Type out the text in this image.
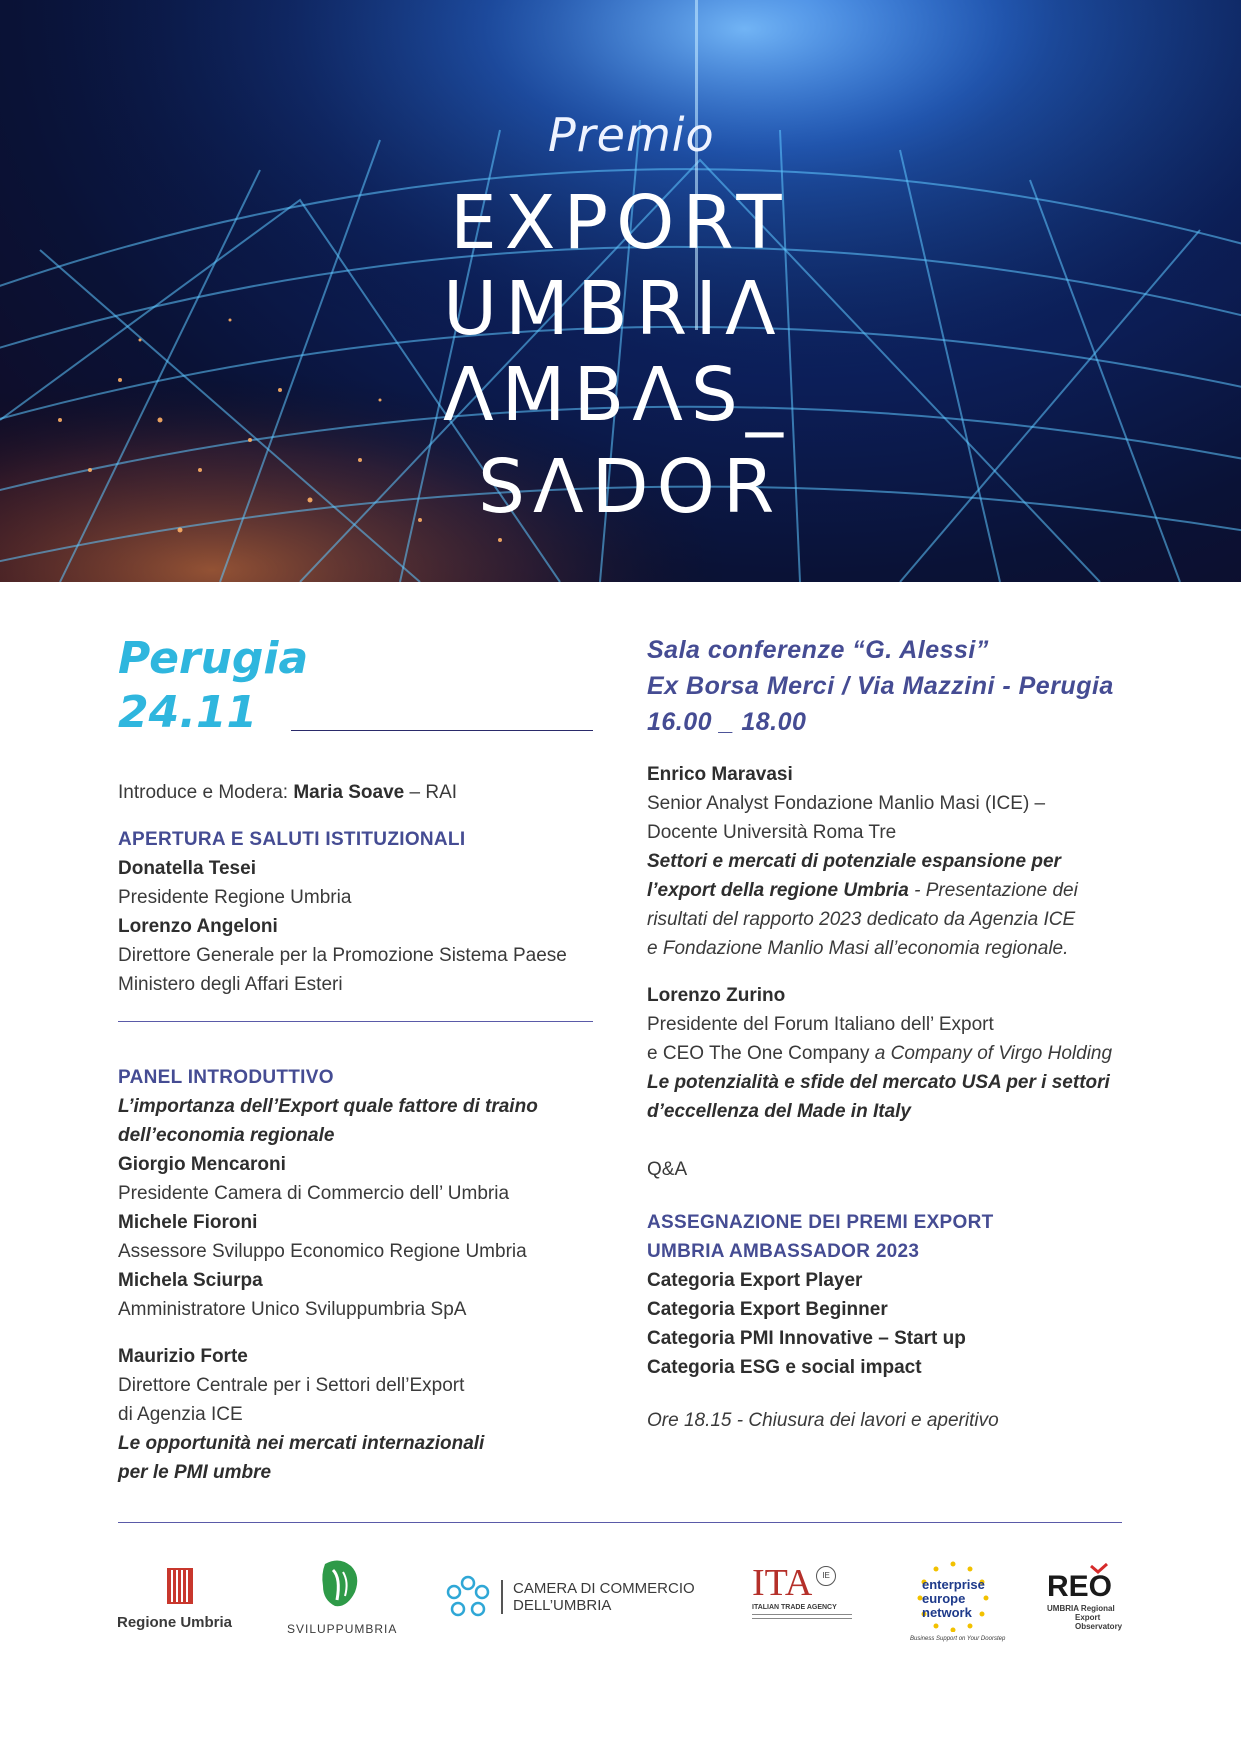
Premio
EXPORT
UMBRIΛ
ΛMBΛS_
SΛDOR
Perugia
24.11

Introduce e Modera: Maria Soave – RAI

APERTURA E SALUTI ISTITUZIONALI

Donatella Tesei

Presidente Regione Umbria

Lorenzo Angeloni

Direttore Generale per la Promozione Sistema Paese

Ministero degli Affari Esteri

PANEL INTRODUTTIVO

L’importanza dell’Export quale fattore di traino

dell’economia regionale

Giorgio Mencaroni

Presidente Camera di Commercio dell’ Umbria

Michele Fioroni

Assessore Sviluppo Economico Regione Umbria

Michela Sciurpa

Amministratore Unico Sviluppumbria SpA

Maurizio Forte

Direttore Centrale per i Settori dell’Export

di Agenzia ICE

Le opportunità nei mercati internazionali

per le PMI umbre

Sala conferenze “G. Alessi”
Ex Borsa Merci / Via Mazzini - Perugia
16.00 _ 18.00

Enrico Maravasi

Senior Analyst Fondazione Manlio Masi (ICE) –

Docente Università Roma Tre

Settori e mercati di potenziale espansione per

l’export della regione Umbria - Presentazione dei

risultati del rapporto 2023 dedicato da Agenzia ICE

e Fondazione Manlio Masi all’economia regionale.

Lorenzo Zurino

Presidente del Forum Italiano dell’ Export

e CEO The One Company a Company of Virgo Holding

Le potenzialità e sfide del mercato USA per i settori

d’eccellenza del Made in Italy

Q&A

ASSEGNAZIONE DEI PREMI EXPORT

UMBRIA AMBASSADOR 2023

Categoria Export Player

Categoria Export Beginner

Categoria PMI Innovative – Start up

Categoria ESG e social impact

Ore 18.15 - Chiusura dei lavori e aperitivo

Regione Umbria	SVILUPPUMBRIA
CAMERA DI COMMERCIO
DELL’UMBRIA
ITA	IE
ITALIAN TRADE AGENCY
enterprise
europe
network
Business Support on Your Doorstep
REO
UMBRIA Regional
Export
Observatory
